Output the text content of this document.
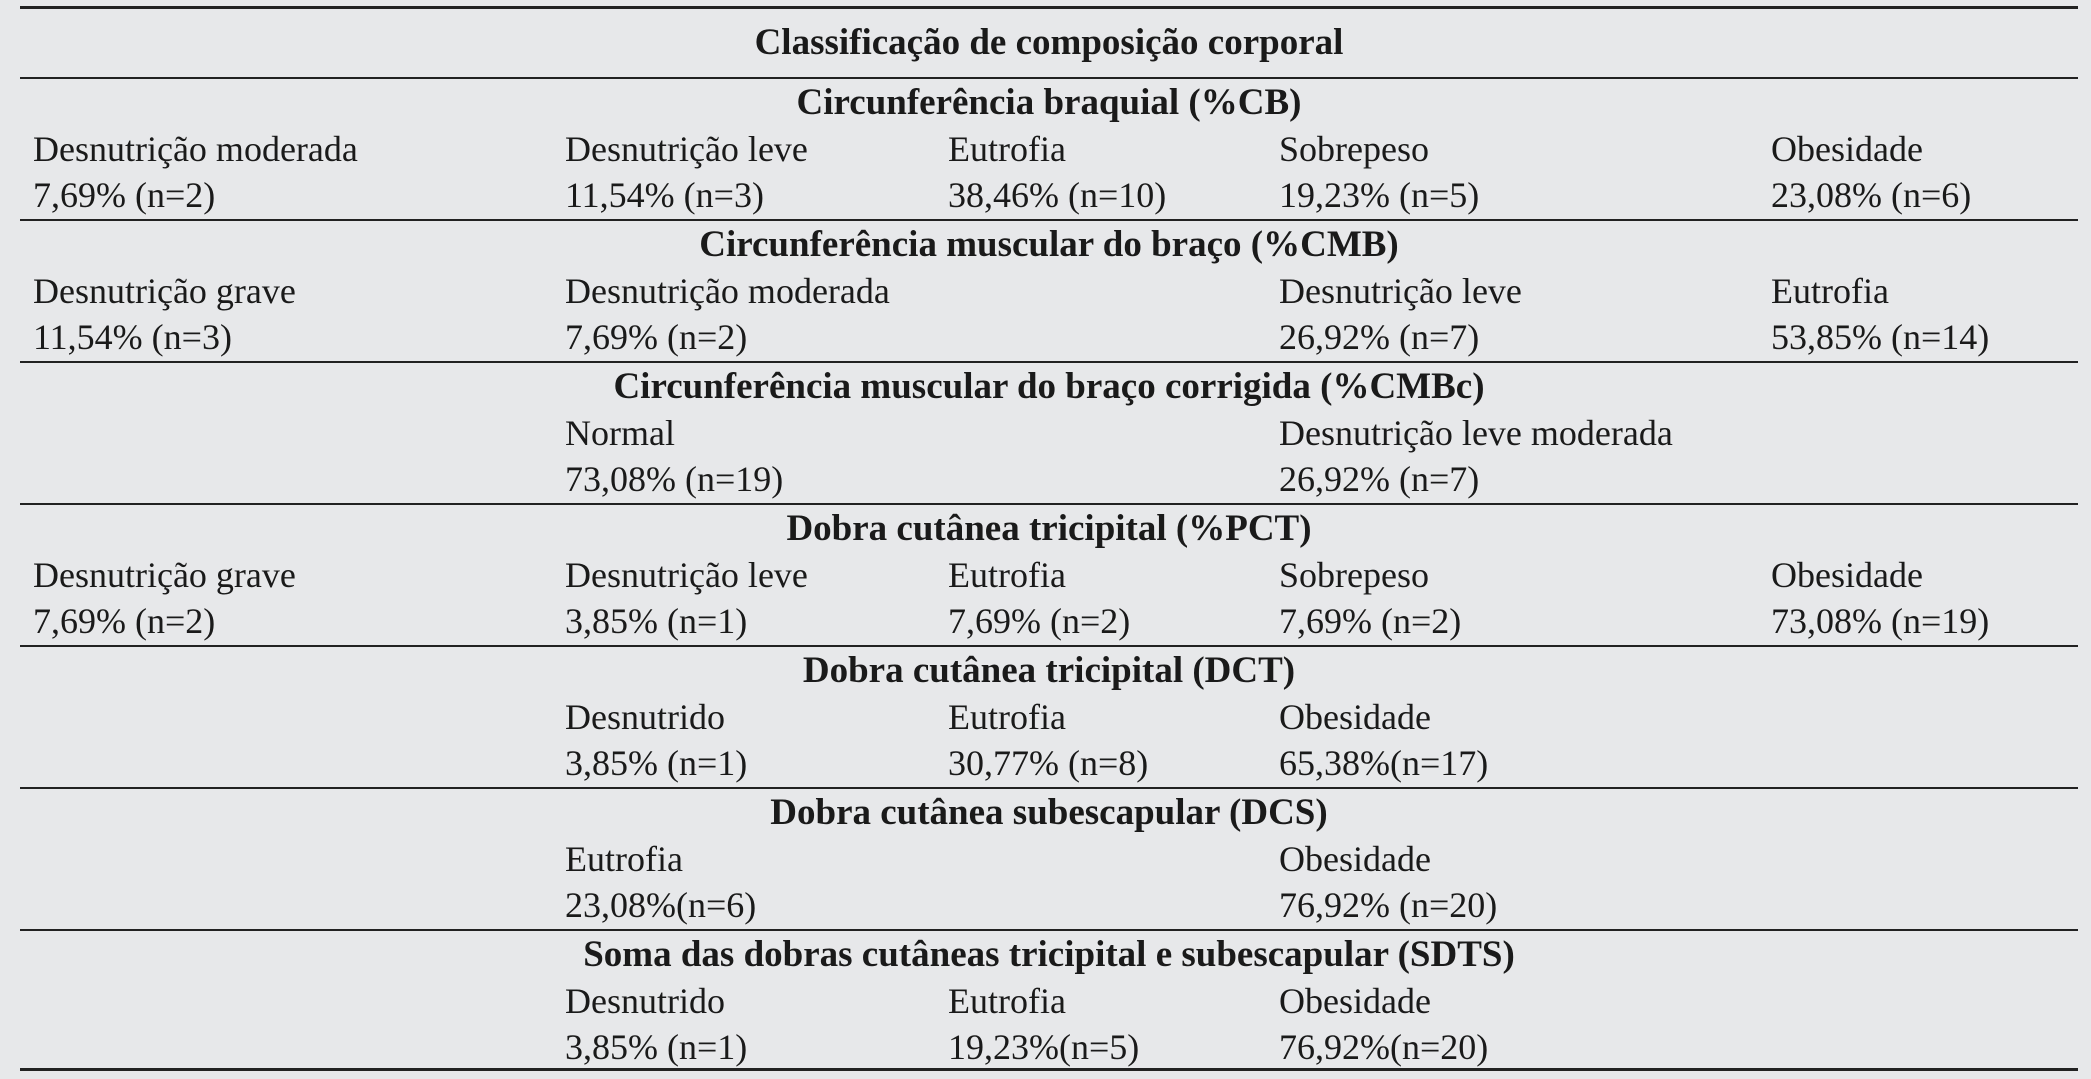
Classificação de composição corporal
Circunferência braquial (%CB)
Desnutrição moderada
7,69% (n=2)
Desnutrição leve
11,54% (n=3)
Eutrofia
38,46% (n=10)
Sobrepeso
19,23% (n=5)
Obesidade
23,08% (n=6)
Circunferência muscular do braço (%CMB)
Desnutrição grave
11,54% (n=3)
Desnutrição moderada
7,69% (n=2)
Desnutrição leve
26,92% (n=7)
Eutrofia
53,85% (n=14)
Circunferência muscular do braço corrigida (%CMBc)
Normal
73,08% (n=19)
Desnutrição leve moderada
26,92% (n=7)
Dobra cutânea tricipital (%PCT)
Desnutrição grave
7,69% (n=2)
Desnutrição leve
3,85% (n=1)
Eutrofia
7,69% (n=2)
Sobrepeso
7,69% (n=2)
Obesidade
73,08% (n=19)
Dobra cutânea tricipital (DCT)
Desnutrido
3,85% (n=1)
Eutrofia
30,77% (n=8)
Obesidade
65,38%(n=17)
Dobra cutânea subescapular (DCS)
Eutrofia
23,08%(n=6)
Obesidade
76,92% (n=20)
Soma das dobras cutâneas tricipital e subescapular (SDTS)
Desnutrido
3,85% (n=1)
Eutrofia
19,23%(n=5)
Obesidade
76,92%(n=20)
